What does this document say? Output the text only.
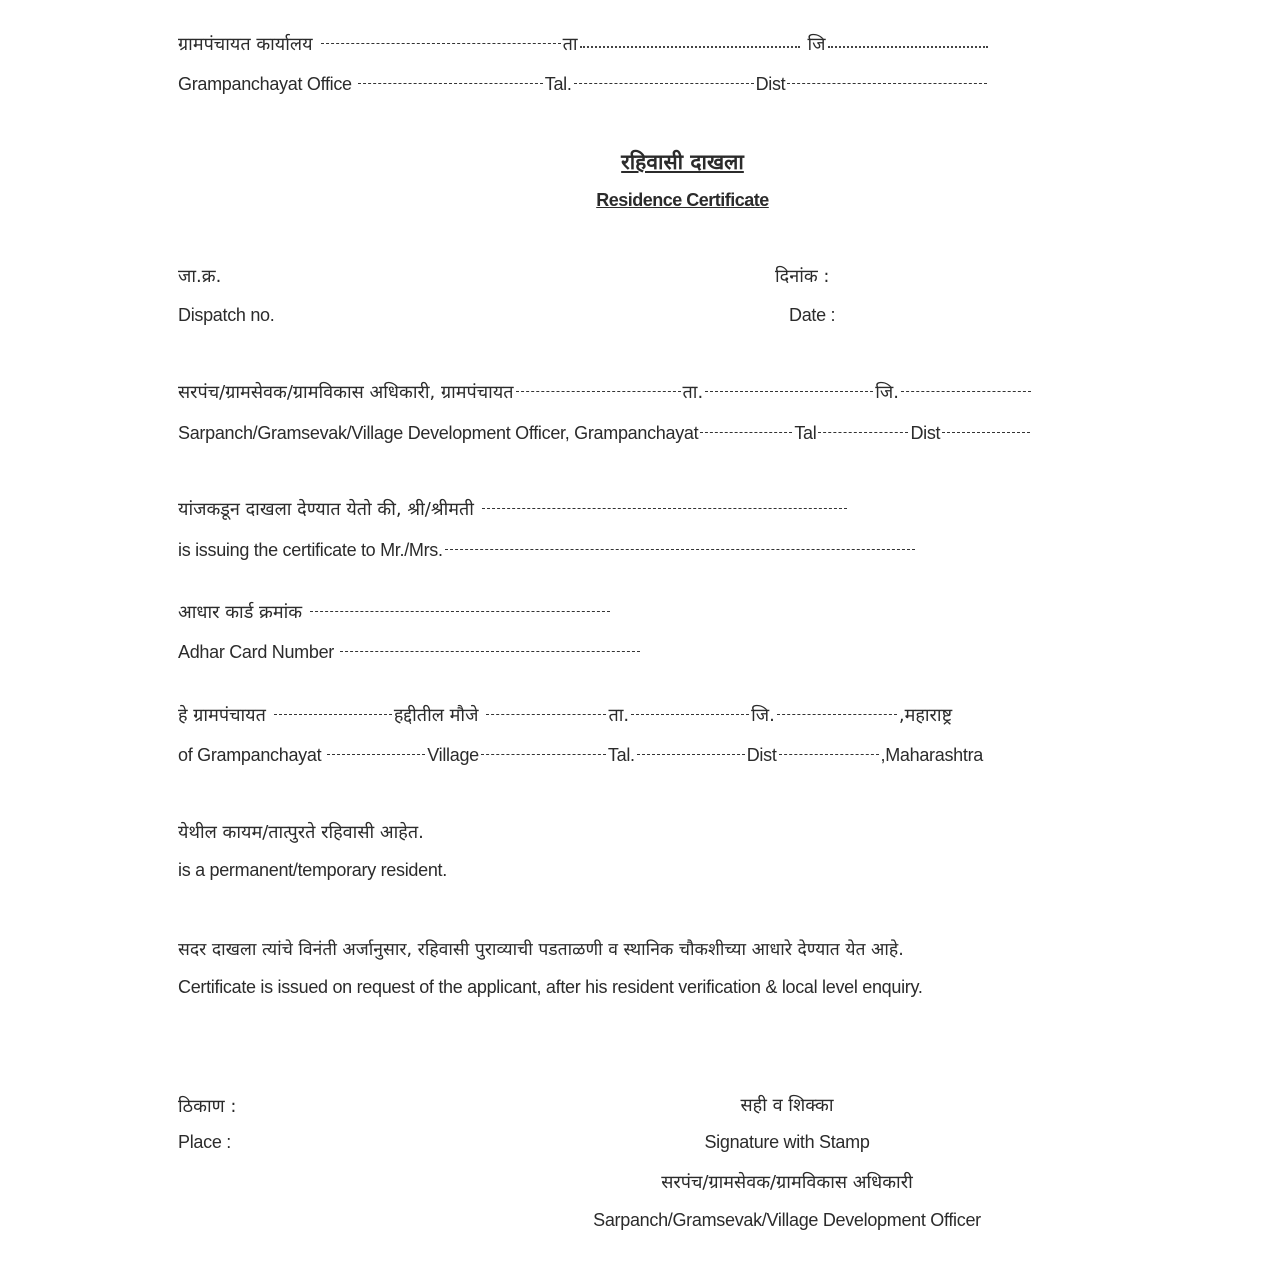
ग्रामपंचायत कार्यालय	ता	जि
Grampanchayat Office	Tal.	Dist
रहिवासी दाखला
Residence Certificate
जा.क्र.
Dispatch no.
दिनांक :
Date :
सरपंच/ग्रामसेवक/ग्रामविकास अधिकारी, ग्रामपंचायत	ता.	जि.
Sarpanch/Gramsevak/Village Development Officer, Grampanchayat	Tal	Dist
यांजकडून दाखला देण्यात येतो की, श्री/श्रीमती
is issuing the certificate to Mr./Mrs.
आधार कार्ड क्रमांक
Adhar Card Number
हे ग्रामपंचायत	हद्दीतील मौजे	ता.	जि.	,महाराष्ट्र
of Grampanchayat	Village	Tal.	Dist	,Maharashtra
येथील कायम/तात्पुरते रहिवासी आहेत.
is a permanent/temporary resident.
सदर दाखला त्यांचे विनंती अर्जानुसार, रहिवासी पुराव्याची पडताळणी व स्थानिक चौकशीच्या आधारे देण्यात येत आहे.
Certificate is issued on request of the applicant, after his resident verification & local level enquiry.
ठिकाण :
Place :
सही व शिक्का
Signature with Stamp
सरपंच/ग्रामसेवक/ग्रामविकास अधिकारी
Sarpanch/Gramsevak/Village Development Officer
